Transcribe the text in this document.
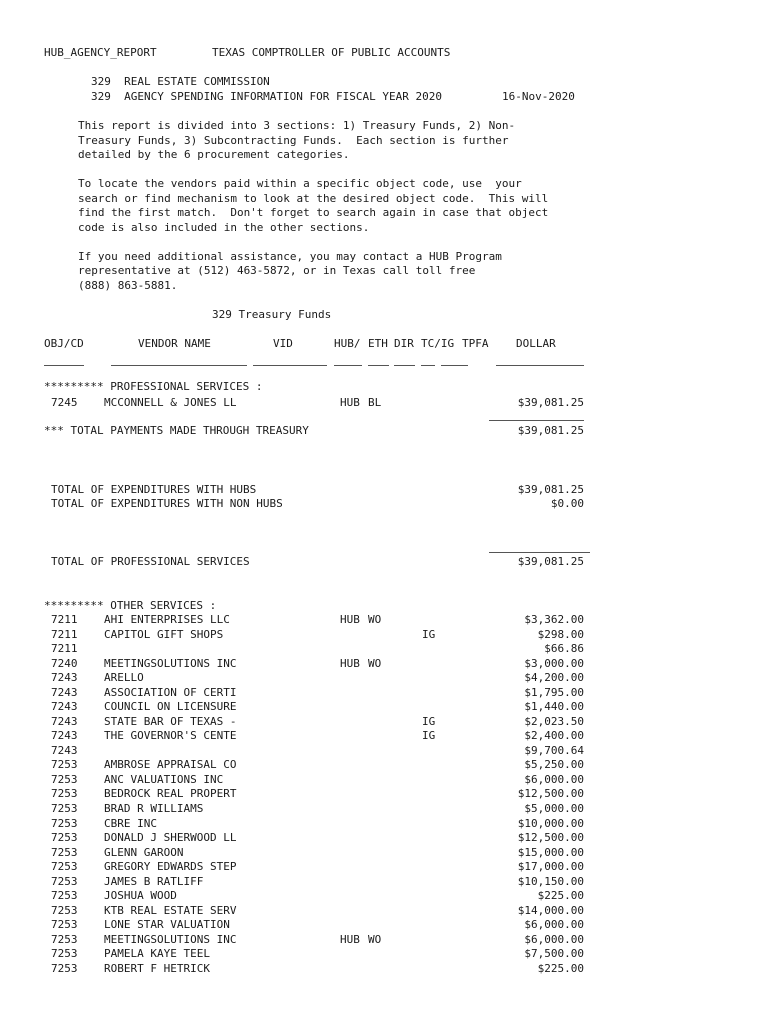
HUB_AGENCY_REPORT	TEXAS COMPTROLLER OF PUBLIC ACCOUNTS
329  REAL ESTATE COMMISSION
329  AGENCY SPENDING INFORMATION FOR FISCAL YEAR 2020	16-Nov-2020
This report is divided into 3 sections: 1) Treasury Funds, 2) Non-
Treasury Funds, 3) Subcontracting Funds.  Each section is further
detailed by the 6 procurement categories.
To locate the vendors paid within a specific object code, use  your
search or find mechanism to look at the desired object code.  This will
find the first match.  Don't forget to search again in case that object
code is also included in the other sections.
If you need additional assistance, you may contact a HUB Program
representative at (512) 463-5872, or in Texas call toll free
(888) 863-5881.
329 Treasury Funds
OBJ/CD	VENDOR NAME	VID	HUB/ ETH DIR TC/IG TPFA	DOLLAR
********* PROFESSIONAL SERVICES :
7245 MCCONNELL & JONES LL	HUB BL	$39,081.25
*** TOTAL PAYMENTS MADE THROUGH TREASURY	$39,081.25
TOTAL OF EXPENDITURES WITH HUBS	$39,081.25
TOTAL OF EXPENDITURES WITH NON HUBS	$0.00
TOTAL OF PROFESSIONAL SERVICES	$39,081.25
********* OTHER SERVICES :
7211 AHI ENTERPRISES LLC	HUB WO	$3,362.00
7211 CAPITOL GIFT SHOPS	IG	$298.00
7211	$66.86
7240 MEETINGSOLUTIONS INC	HUB WO	$3,000.00
7243 ARELLO	$4,200.00
7243 ASSOCIATION OF CERTI	$1,795.00
7243 COUNCIL ON LICENSURE	$1,440.00
7243 STATE BAR OF TEXAS -	IG	$2,023.50
7243 THE GOVERNOR'S CENTE	IG	$2,400.00
7243	$9,700.64
7253 AMBROSE APPRAISAL CO	$5,250.00
7253 ANC VALUATIONS INC	$6,000.00
7253 BEDROCK REAL PROPERT	$12,500.00
7253 BRAD R WILLIAMS	$5,000.00
7253 CBRE INC	$10,000.00
7253 DONALD J SHERWOOD LL	$12,500.00
7253 GLENN GAROON	$15,000.00
7253 GREGORY EDWARDS STEP	$17,000.00
7253 JAMES B RATLIFF	$10,150.00
7253 JOSHUA WOOD	$225.00
7253 KTB REAL ESTATE SERV	$14,000.00
7253 LONE STAR VALUATION	$6,000.00
7253 MEETINGSOLUTIONS INC	HUB WO	$6,000.00
7253 PAMELA KAYE TEEL	$7,500.00
7253 ROBERT F HETRICK	$225.00
